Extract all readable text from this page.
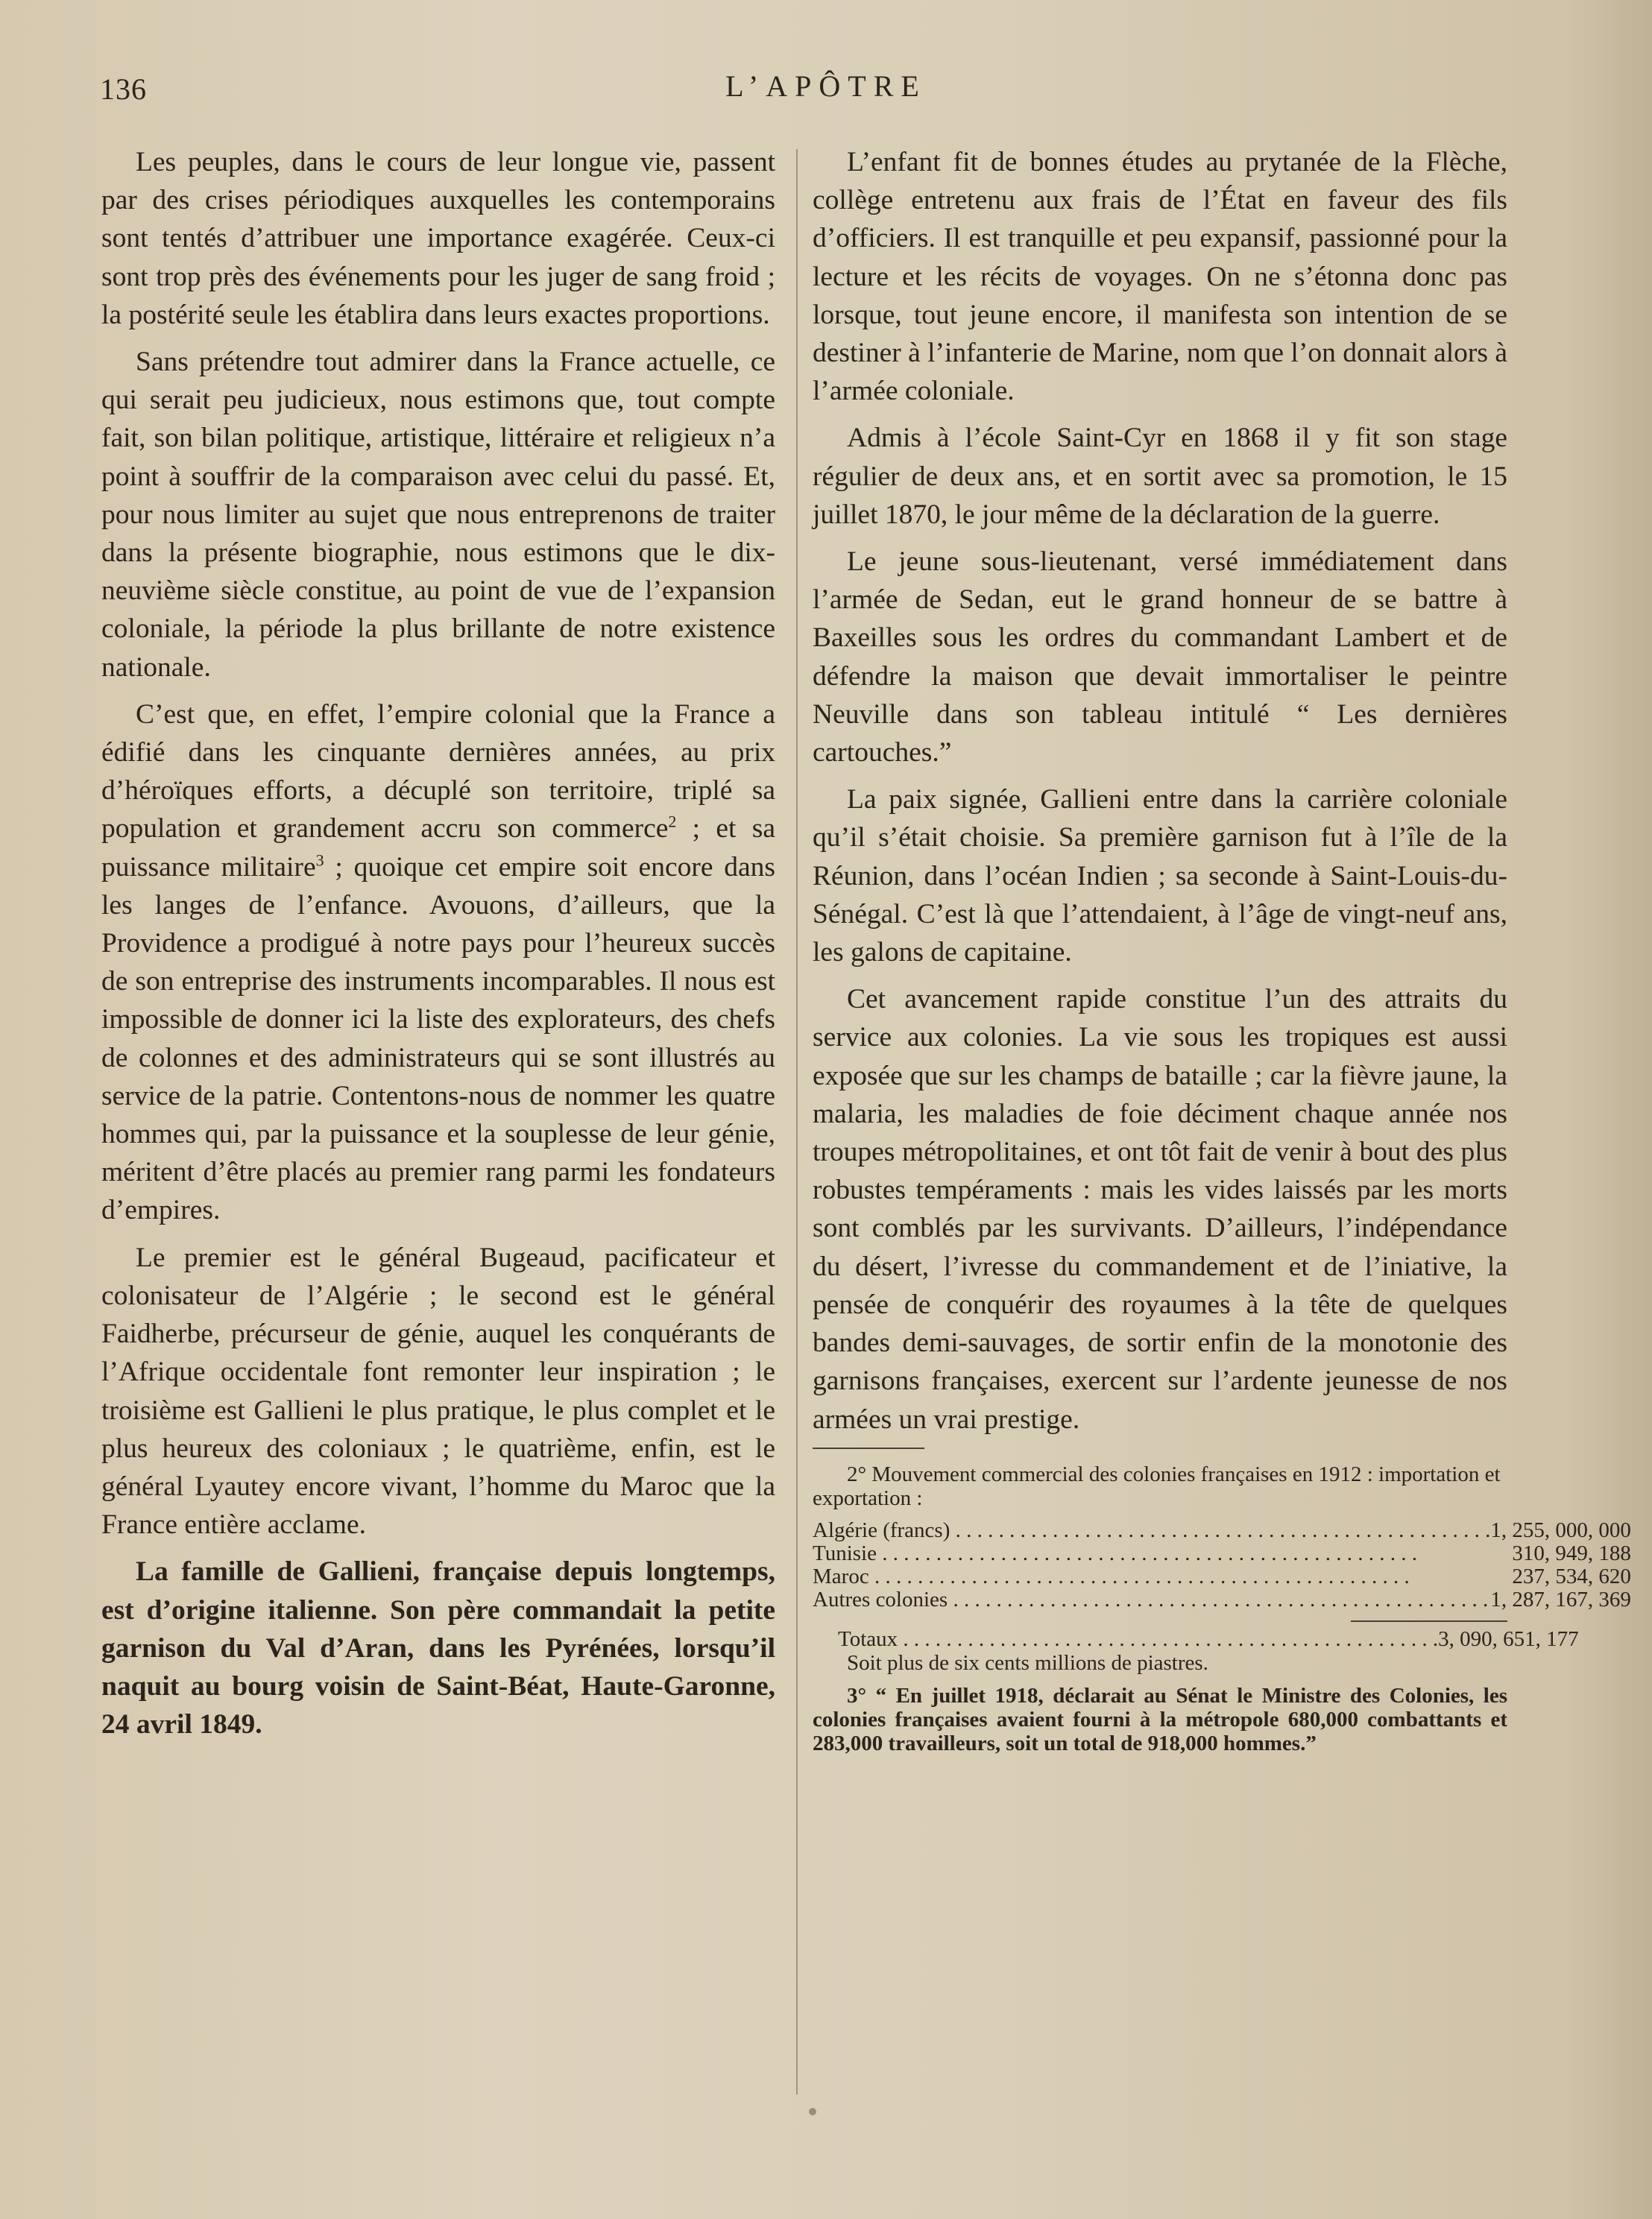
136	L’APÔTRE

Les peuples, dans le cours de leur longue vie, passent par des crises périodiques auxquelles les contemporains sont tentés d’attribuer une importance exagérée. Ceux-ci sont trop près des événements pour les juger de sang froid ; la postérité seule les établira dans leurs exactes proportions.

Sans prétendre tout admirer dans la France actuelle, ce qui serait peu judicieux, nous estimons que, tout compte fait, son bilan politique, artistique, littéraire et religieux n’a point à souffrir de la comparaison avec celui du passé. Et, pour nous limiter au sujet que nous entreprenons de traiter dans la présente biographie, nous estimons que le dix-neuvième siècle constitue, au point de vue de l’expansion coloniale, la période la plus brillante de notre existence nationale.

C’est que, en effet, l’empire colonial que la France a édifié dans les cinquante dernières années, au prix d’héroïques efforts, a décuplé son territoire, triplé sa population et grandement accru son commerce$^2$ ; et sa puissance militaire$^3$ ; quoique cet empire soit encore dans les langes de l’enfance. Avouons, d’ailleurs, que la Providence a prodigué à notre pays pour l’heureux succès de son entreprise des instruments incomparables. Il nous est impossible de donner ici la liste des explorateurs, des chefs de colonnes et des administrateurs qui se sont illustrés au service de la patrie. Contentons-nous de nommer les quatre hommes qui, par la puissance et la souplesse de leur génie, méritent d’être placés au premier rang parmi les fondateurs d’empires.

Le premier est le général Bugeaud, pacificateur et colonisateur de l’Algérie ; le second est le général Faidherbe, précurseur de génie, auquel les conquérants de l’Afrique occidentale font remonter leur inspiration ; le troisième est Gallieni le plus pratique, le plus complet et le plus heureux des coloniaux ; le quatrième, enfin, est le général Lyautey encore vivant, l’homme du Maroc que la France entière acclame.

La famille de Gallieni, française depuis longtemps, est d’origine italienne. Son père commandait la petite garnison du Val d’Aran, dans les Pyrénées, lorsqu’il naquit au bourg voisin de Saint-Béat, Haute-Garonne, 24 avril 1849.

L’enfant fit de bonnes études au prytanée de la Flèche, collège entretenu aux frais de l’État en faveur des fils d’officiers. Il est tranquille et peu expansif, passionné pour la lecture et les récits de voyages. On ne s’étonna donc pas lorsque, tout jeune encore, il manifesta son intention de se destiner à l’infanterie de Marine, nom que l’on donnait alors à l’armée coloniale.

Admis à l’école Saint-Cyr en 1868 il y fit son stage régulier de deux ans, et en sortit avec sa promotion, le 15 juillet 1870, le jour même de la déclaration de la guerre.

Le jeune sous-lieutenant, versé immédiatement dans l’armée de Sedan, eut le grand honneur de se battre à Baxeilles sous les ordres du commandant Lambert et de défendre la maison que devait immortaliser le peintre Neuville dans son tableau intitulé “ Les dernières cartouches.”

La paix signée, Gallieni entre dans la carrière coloniale qu’il s’était choisie. Sa première garnison fut à l’île de la Réunion, dans l’océan Indien ; sa seconde à Saint-Louis-du-Sénégal. C’est là que l’attendaient, à l’âge de vingt-neuf ans, les galons de capitaine.

Cet avancement rapide constitue l’un des attraits du service aux colonies. La vie sous les tropiques est aussi exposée que sur les champs de bataille ; car la fièvre jaune, la malaria, les maladies de foie déciment chaque année nos troupes métropolitaines, et ont tôt fait de venir à bout des plus robustes tempéraments : mais les vides laissés par les morts sont comblés par les survivants. D’ailleurs, l’indépendance du désert, l’ivresse du commandement et de l’iniative, la pensée de conquérir des royaumes à la tête de quelques bandes demi-sauvages, de sortir enfin de la monotonie des garnisons françaises, exercent sur l’ardente jeunesse de nos armées un vrai prestige.

2° Mouvement commercial des colonies françaises en 1912 : importation et exportation :

Algérie (francs) . . .	1, 255, 000, 000
Tunisie . . .	310, 949, 188
Maroc . . .	237, 534, 620
Autres colonies . . .	1, 287, 167, 369
Totaux . . .	3, 090, 651, 177

Soit plus de six cents millions de piastres.

3° “ En juillet 1918, déclarait au Sénat le Ministre des Colonies, les colonies françaises avaient fourni à la métropole 680,000 combattants et 283,000 travailleurs, soit un total de 918,000 hommes.”
